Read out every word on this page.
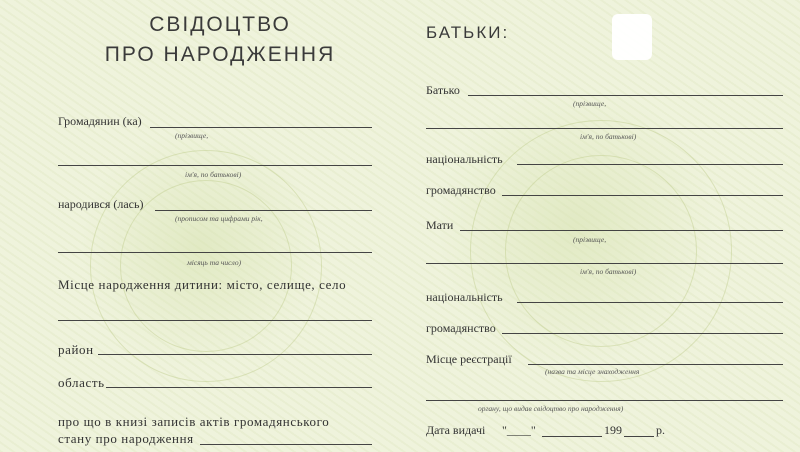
СВІДОЦТВО
ПРО НАРОДЖЕННЯ
Громадянин (ка)
(прізвище,
ім'я, по батькові)
народився (лась)
(прописом та цифрами рік,
місяць та число)
Місце народження дитини: місто, селище, село
район
область
про що в книзі записів актів громадянського
стану про народження
БАТЬКИ:
Батько
(прізвище,
ім'я, по батькові)
національність
громадянство
Мати
(прізвище,
ім'я, по батькові)
національність
громадянство
Місце реєстрації
(назва та місце знаходження
органу, що видав свідоцтво про народження)
Дата видачі "____"	199	р.
